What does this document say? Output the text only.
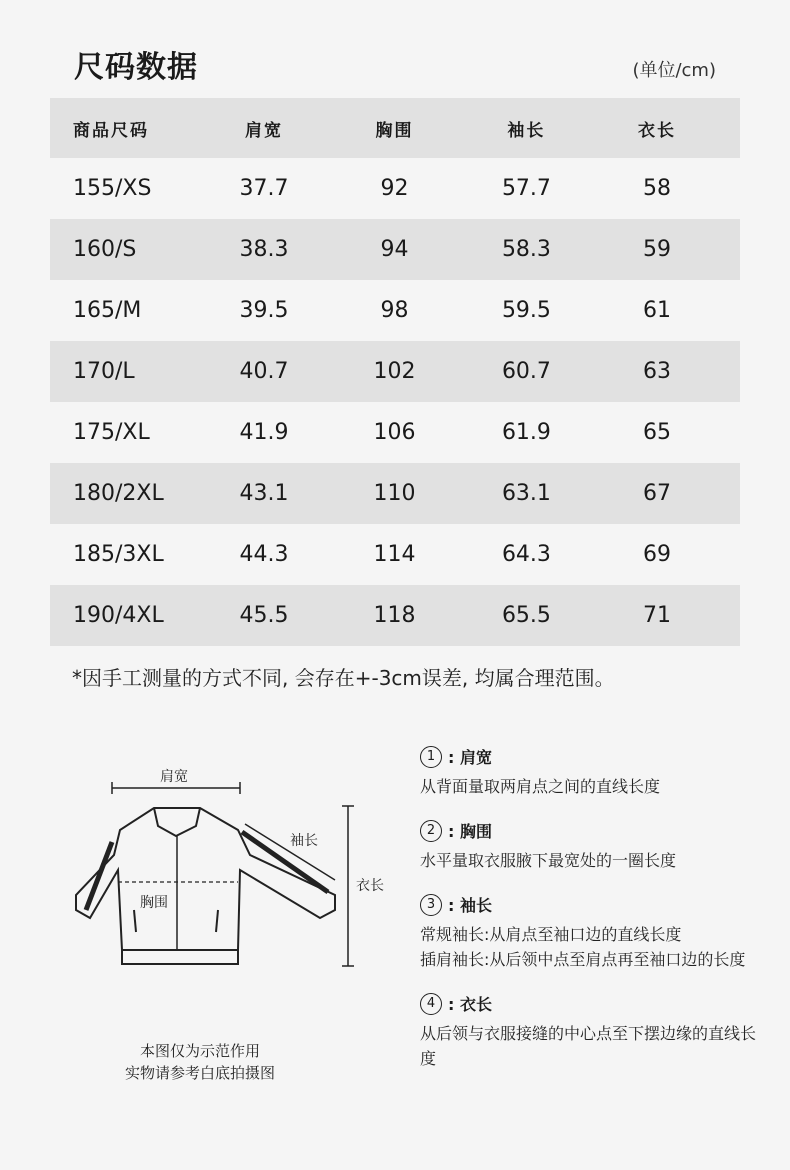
尺码数据	(单位/cm)
商品尺码	肩宽	胸围	袖长	衣长
155/XS	37.7	92	57.7	58
160/S	38.3	94	58.3	59
165/M	39.5	98	59.5	61
170/L	40.7	102	60.7	63
175/XL	41.9	106	61.9	65
180/2XL	43.1	110	63.1	67
185/3XL	44.3	114	64.3	69
190/4XL	45.5	118	65.5	71
*因手工测量的方式不同, 会存在+-3cm误差, 均属合理范围。
肩宽
袖长
衣长
胸围
本图仅为示范作用
实物请参考白底拍摄图
1 : 肩宽
从背面量取两肩点之间的直线长度
2 : 胸围
水平量取衣服腋下最宽处的一圈长度
3 : 袖长
常规袖长: 从肩点至袖口边的直线长度
插肩袖长: 从后领中点至肩点再至袖口边的长度
4 : 衣长
从后领与衣服接缝的中心点至下摆边缘的直线长度
